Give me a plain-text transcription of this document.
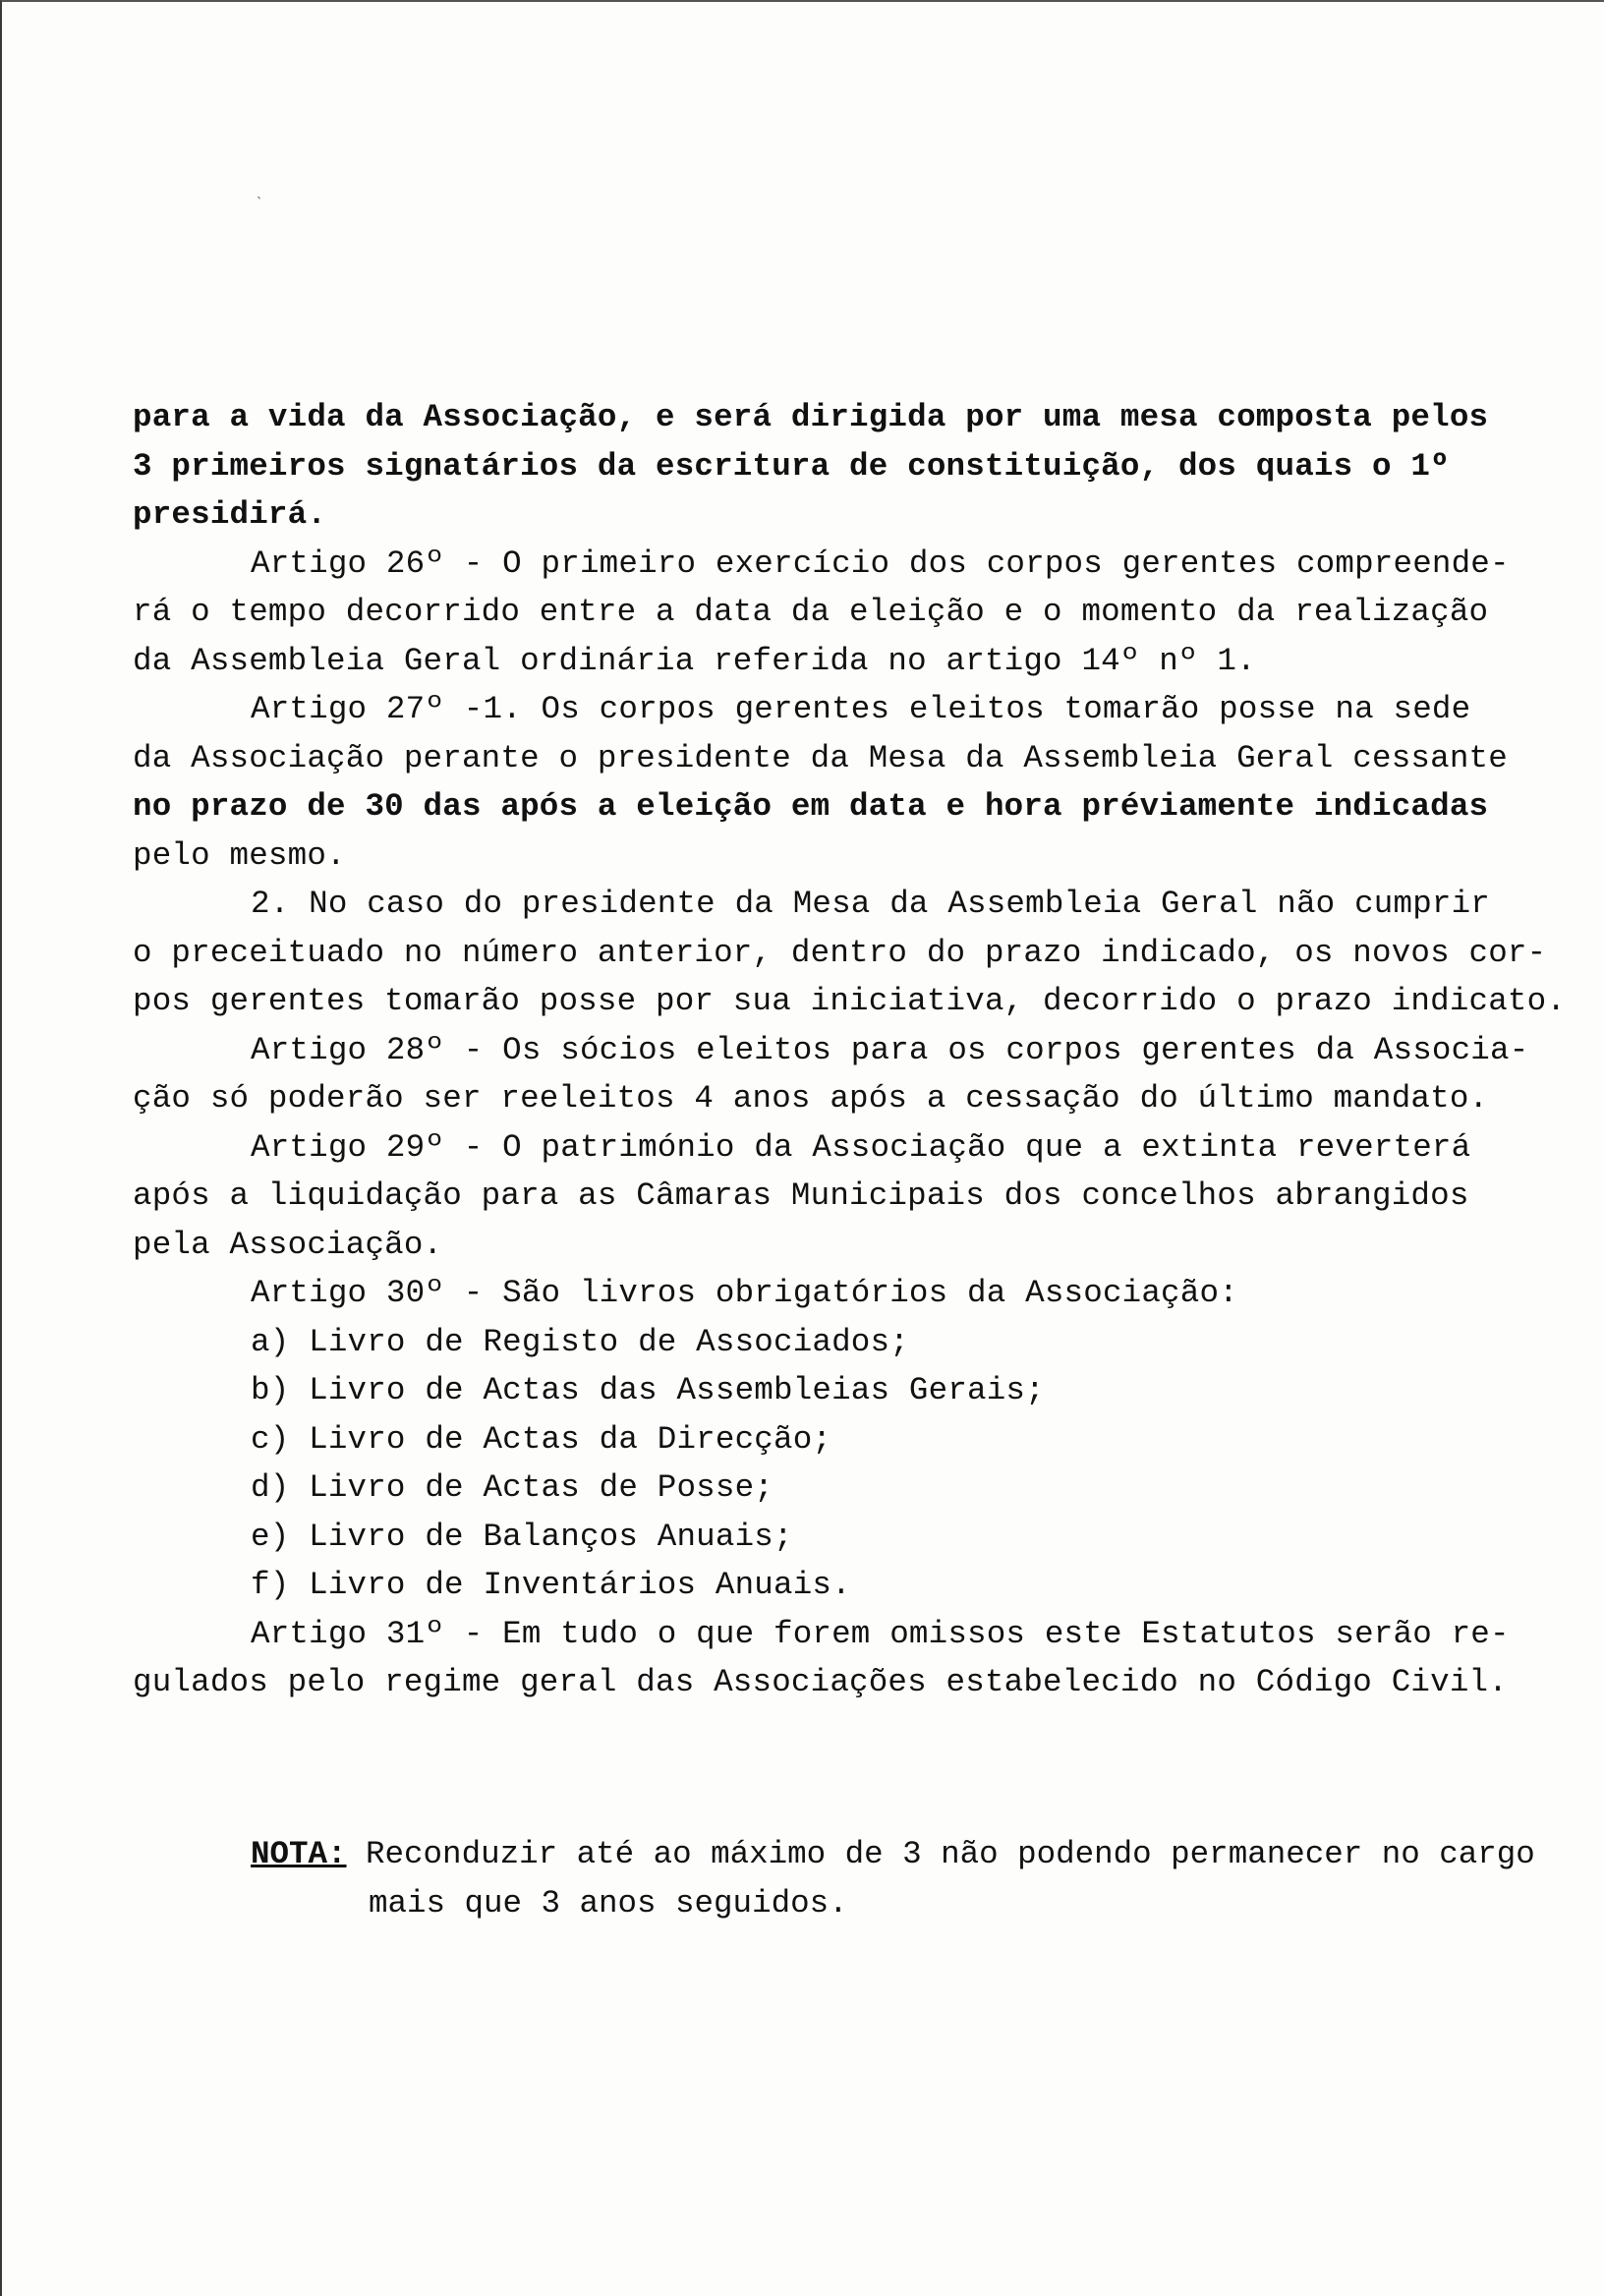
ˎ
para a vida da Associação, e será dirigida por uma mesa composta pelos
3 primeiros signatários da escritura de constituição, dos quais o 1º
presidirá.
Artigo 26º - O primeiro exercício dos corpos gerentes compreende-
rá o tempo decorrido entre a data da eleição e o momento da realização
da Assembleia Geral ordinária referida no artigo 14º nº 1.
Artigo 27º -1. Os corpos gerentes eleitos tomarão posse na sede
da Associação perante o presidente da Mesa da Assembleia Geral cessante
no prazo de 30 das após a eleição em data e hora préviamente indicadas
pelo mesmo.
2. No caso do presidente da Mesa da Assembleia Geral não cumprir
o preceituado no número anterior, dentro do prazo indicado, os novos cor-
pos gerentes tomarão posse por sua iniciativa, decorrido o prazo indicato.
Artigo 28º - Os sócios eleitos para os corpos gerentes da Associa-
ção só poderão ser reeleitos 4 anos após a cessação do último mandato.
Artigo 29º - O património da Associação que a extinta reverterá
após a liquidação para as Câmaras Municipais dos concelhos abrangidos
pela Associação.
Artigo 30º - São livros obrigatórios da Associação:
a) Livro de Registo de Associados;
b) Livro de Actas das Assembleias Gerais;
c) Livro de Actas da Direcção;
d) Livro de Actas de Posse;
e) Livro de Balanços Anuais;
f) Livro de Inventários Anuais.
Artigo 31º - Em tudo o que forem omissos este Estatutos serão re-
gulados pelo regime geral das Associações estabelecido no Código Civil.
NOTA: Reconduzir até ao máximo de 3 não podendo permanecer no cargo
mais que 3 anos seguidos.
